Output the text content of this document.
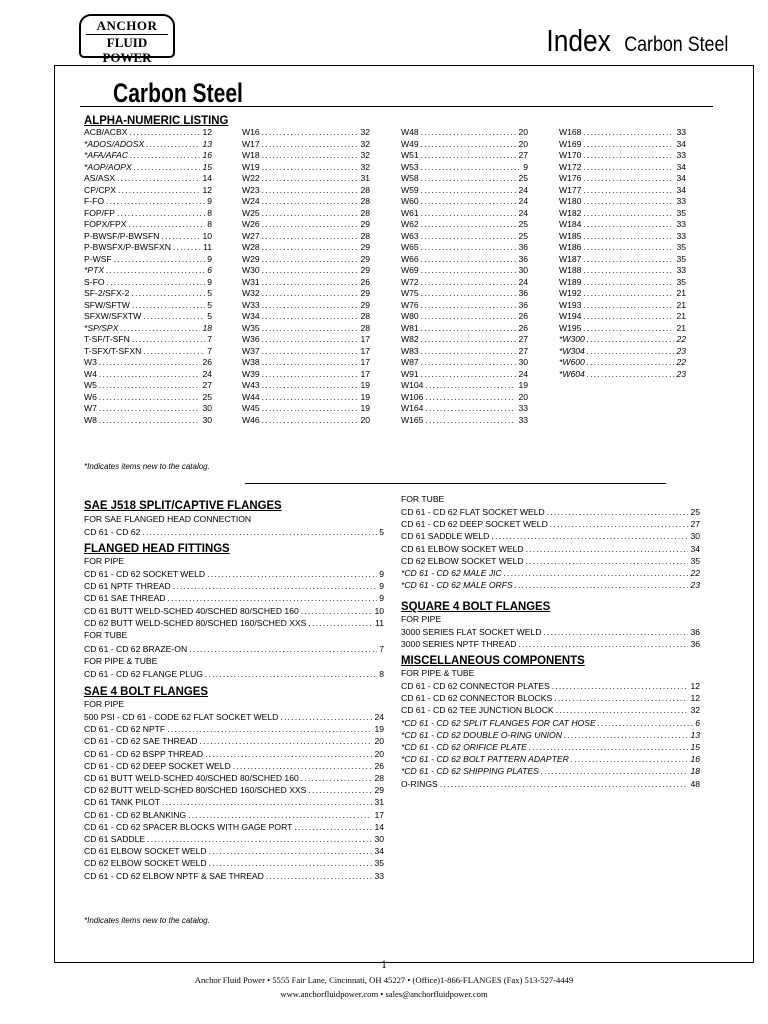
ANCHOR
FLUID POWER	Index Carbon Steel
Carbon Steel
ALPHA-NUMERIC LISTING
ACB/ACBX .....	12
*ADOS/ADOSX .....	13
*AFA/AFAC .....	16
*AOP/AOPX .....	15
AS/ASX .....	14
CP/CPX .....	12
F-FO .....	9
FOP/FP .....	8
FOPX/FPX .....	8
P-BWSF/P-BWSFN .....	10
P-BWSFX/P-BWSFXN .....	11
P-WSF .....	9
*PTX .....	6
S-FO .....	9
SF-2/SFX-2 .....	5
SFW/SFTW .....	5
SFXW/SFXTW .....	5
*SP/SPX .....	18
T-SF/T-SFN .....	7
T-SFX/T-SFXN .....	7
W3 .....	26
W4 .....	24
W5 .....	27
W6 .....	25
W7 .....	30
W8 .....	30
W16 .....	32
W17 .....	32
W18 .....	32
W19 .....	32
W22 .....	31
W23 .....	28
W24 .....	28
W25 .....	28
W26 .....	29
W27 .....	28
W28 .....	29
W29 .....	29
W30 .....	29
W31 .....	26
W32 .....	29
W33 .....	29
W34 .....	28
W35 .....	28
W36 .....	17
W37 .....	17
W38 .....	17
W39 .....	17
W43 .....	19
W44 .....	19
W45 .....	19
W46 .....	20
W48 .....	20
W49 .....	20
W51 .....	27
W53 .....	9
W58 .....	25
W59 .....	24
W60 .....	24
W61 .....	24
W62 .....	25
W63 .....	25
W65 .....	36
W66 .....	36
W69 .....	30
W72 .....	24
W75 .....	36
W76 .....	36
W80 .....	26
W81 .....	26
W82 .....	27
W83 .....	27
W87 .....	30
W91 .....	24
W104 .....	19
W106 .....	20
W164 .....	33
W165 .....	33
W168 .....	33
W169 .....	34
W170 .....	33
W172 .....	34
W176 .....	34
W177 .....	34
W180 .....	33
W182 .....	35
W184 .....	33
W185 .....	33
W186 .....	35
W187 .....	35
W188 .....	33
W189 .....	35
W192 .....	21
W193 .....	21
W194 .....	21
W195 .....	21
*W300 .....	22
*W304 .....	23
*W600 .....	22
*W604 .....	23
*Indicates items new to the catalog.
SAE J518 SPLIT/CAPTIVE FLANGES
FOR SAE FLANGED HEAD CONNECTION
CD 61 - CD 62 .....	5
FLANGED HEAD FITTINGS
FOR PIPE
CD 61 - CD 62 SOCKET WELD .....	9
CD 61 NPTF THREAD .....	9
CD 61 SAE THREAD .....	9
CD 61 BUTT WELD-SCHED 40/SCHED 80/SCHED 160 .....	10
CD 62 BUTT WELD-SCHED 80/SCHED 160/SCHED XXS .....	11
FOR TUBE
CD 61 - CD 62 BRAZE-ON .....	7
FOR PIPE & TUBE
CD 61 - CD 62 FLANGE PLUG .....	8
SAE 4 BOLT FLANGES
FOR PIPE
500 PSI - CD 61 - CODE 62 FLAT SOCKET WELD .....	24
CD 61 - CD 62 NPTF .....	19
CD 61 - CD 62 SAE THREAD .....	20
CD 61 - CD 62 BSPP THREAD .....	20
CD 61 - CD 62 DEEP SOCKET WELD .....	26
CD 61 BUTT WELD-SCHED 40/SCHED 80/SCHED 160 .....	28
CD 62 BUTT WELD-SCHED 80/SCHED 160/SCHED XXS .....	29
CD 61 TANK PILOT .....	31
CD 61 - CD 62 BLANKING .....	17
CD 61 - CD 62 SPACER BLOCKS WITH GAGE PORT .....	14
CD 61 SADDLE .....	30
CD 61 ELBOW SOCKET WELD .....	34
CD 62 ELBOW SOCKET WELD .....	35
CD 61 - CD 62 ELBOW NPTF & SAE THREAD .....	33
*Indicates items new to the catalog.
FOR TUBE
CD 61 - CD 62 FLAT SOCKET WELD .....	25
CD 61 - CD 62 DEEP SOCKET WELD .....	27
CD 61 SADDLE WELD .....	30
CD 61 ELBOW SOCKET WELD .....	34
CD 62 ELBOW SOCKET WELD .....	35
*CD 61 - CD 62 MALE JIC .....	22
*CD 61 - CD 62 MALE ORFS .....	23
SQUARE 4 BOLT FLANGES
FOR PIPE
3000 SERIES FLAT SOCKET WELD .....	36
3000 SERIES NPTF THREAD .....	36
MISCELLANEOUS COMPONENTS
FOR PIPE & TUBE
CD 61 - CD 62 CONNECTOR PLATES .....	12
CD 61 - CD 62 CONNECTOR BLOCKS .....	12
CD 61 - CD 62 TEE JUNCTION BLOCK .....	32
*CD 61 - CD 62 SPLIT FLANGES FOR CAT HOSE .....	6
*CD 61 - CD 62 DOUBLE O-RING UNION .....	13
*CD 61 - CD 62 ORIFICE PLATE .....	15
*CD 61 - CD 62 BOLT PATTERN ADAPTER .....	16
*CD 61 - CD 62 SHIPPING PLATES .....	18
O-RINGS .....	48
1
Anchor Fluid Power • 5555 Fair Lane, Cincinnati, OH 45227 • (Office)1-866-FLANGES (Fax) 513-527-4449
www.anchorfluidpower.com • sales@anchorfluidpower.com
